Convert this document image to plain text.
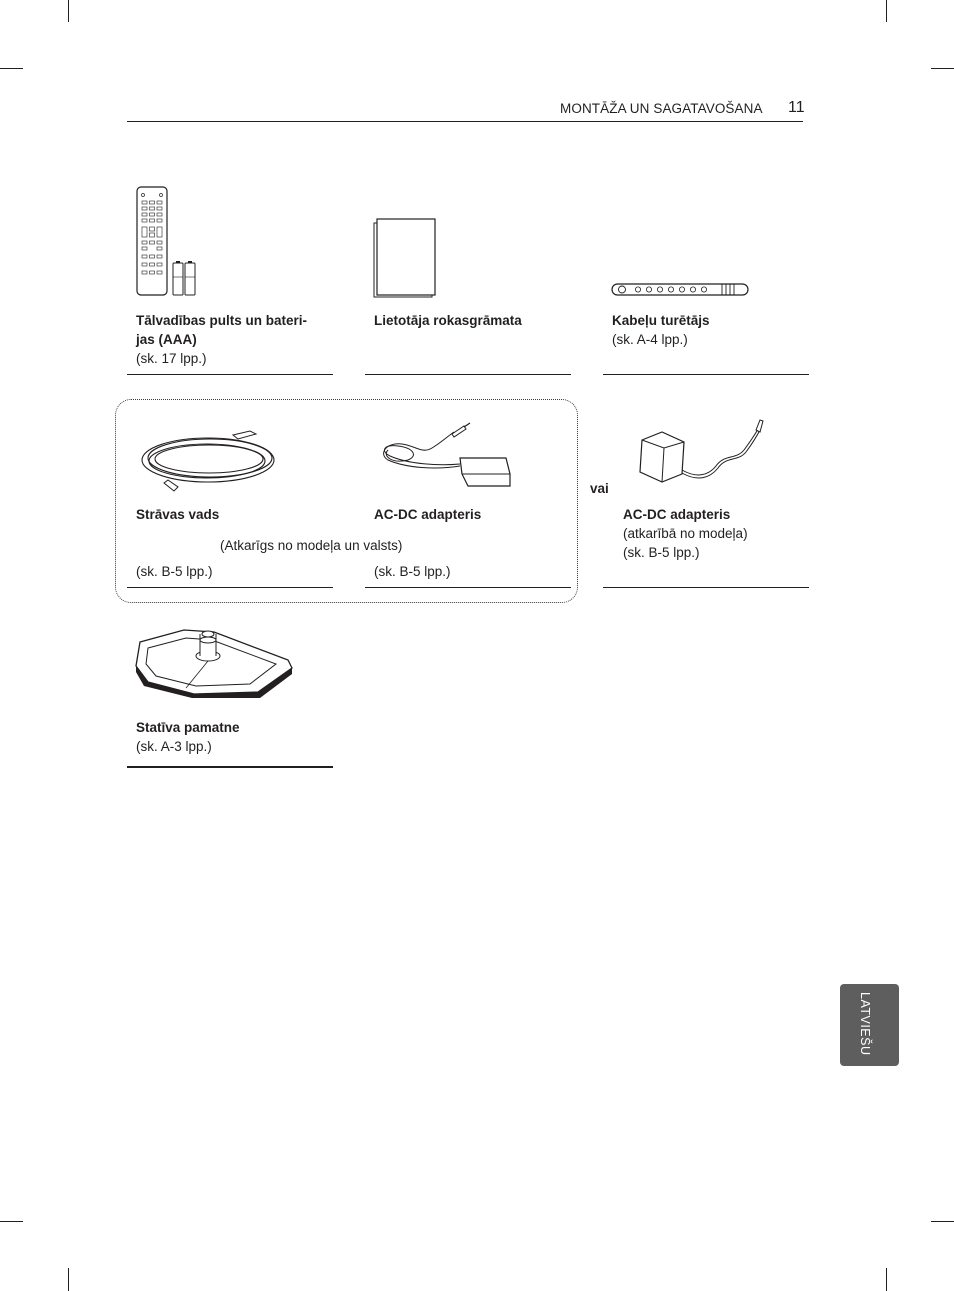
MONTĀŽA UN SAGATAVOŠANA 11
Tālvadības pults un bateri-
jas (AAA)
(sk. 17 lpp.)
Lietotāja rokasgrāmata	Kabeļu turētājs
(sk. A-4 lpp.)
Strāvas vads
(sk. B-5 lpp.)
AC-DC adapteris
(sk. B-5 lpp.)
(Atkarīgs no modeļa un valsts)
vai
AC-DC adapteris
(atkarībā no modeļa)
(sk. B-5 lpp.)
Statīva pamatne
(sk. A-3 lpp.)
LATVIEŠU
